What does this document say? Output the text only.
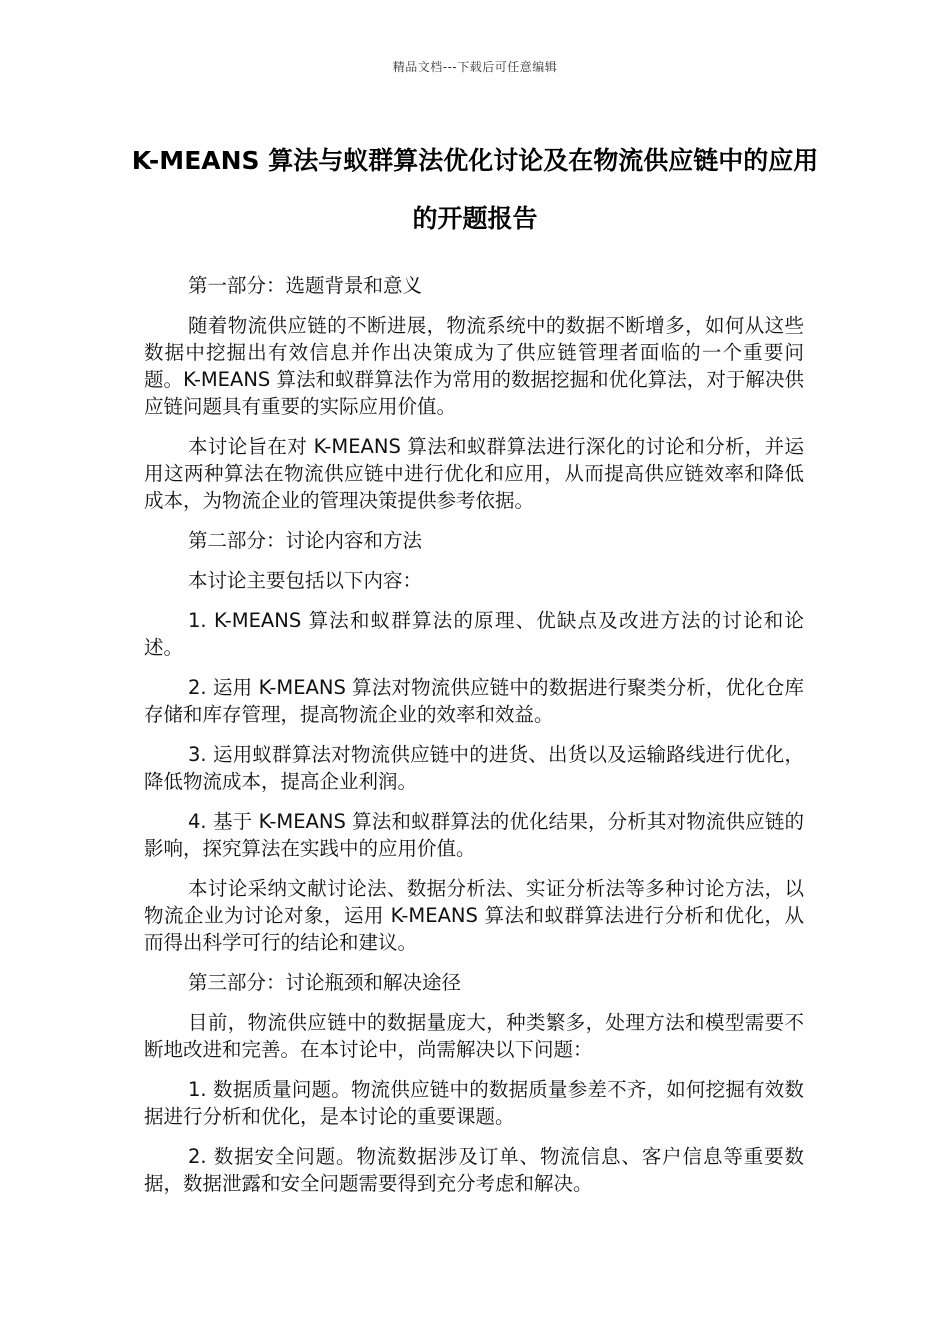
精品文档---下载后可任意编辑
K-MEANS 算法与蚁群算法优化讨论及在物流供应链中的应用的开题报告

第一部分：选题背景和意义

随着物流供应链的不断进展，物流系统中的数据不断增多，如何从这些数据中挖掘出有效信息并作出决策成为了供应链管理者面临的一个重要问题。K-MEANS 算法和蚁群算法作为常用的数据挖掘和优化算法，对于解决供应链问题具有重要的实际应用价值。

本讨论旨在对 K-MEANS 算法和蚁群算法进行深化的讨论和分析，并运用这两种算法在物流供应链中进行优化和应用，从而提高供应链效率和降低成本，为物流企业的管理决策提供参考依据。

第二部分：讨论内容和方法

本讨论主要包括以下内容：

1. K-MEANS 算法和蚁群算法的原理、优缺点及改进方法的讨论和论述。

2. 运用 K-MEANS 算法对物流供应链中的数据进行聚类分析，优化仓库存储和库存管理，提高物流企业的效率和效益。

3. 运用蚁群算法对物流供应链中的进货、出货以及运输路线进行优化，降低物流成本，提高企业利润。

4. 基于 K-MEANS 算法和蚁群算法的优化结果，分析其对物流供应链的影响，探究算法在实践中的应用价值。

本讨论采纳文献讨论法、数据分析法、实证分析法等多种讨论方法，以物流企业为讨论对象，运用 K-MEANS 算法和蚁群算法进行分析和优化，从而得出科学可行的结论和建议。

第三部分：讨论瓶颈和解决途径

目前，物流供应链中的数据量庞大，种类繁多，处理方法和模型需要不断地改进和完善。在本讨论中，尚需解决以下问题：

1. 数据质量问题。物流供应链中的数据质量参差不齐，如何挖掘有效数据进行分析和优化，是本讨论的重要课题。

2. 数据安全问题。物流数据涉及订单、物流信息、客户信息等重要数据，数据泄露和安全问题需要得到充分考虑和解决。
